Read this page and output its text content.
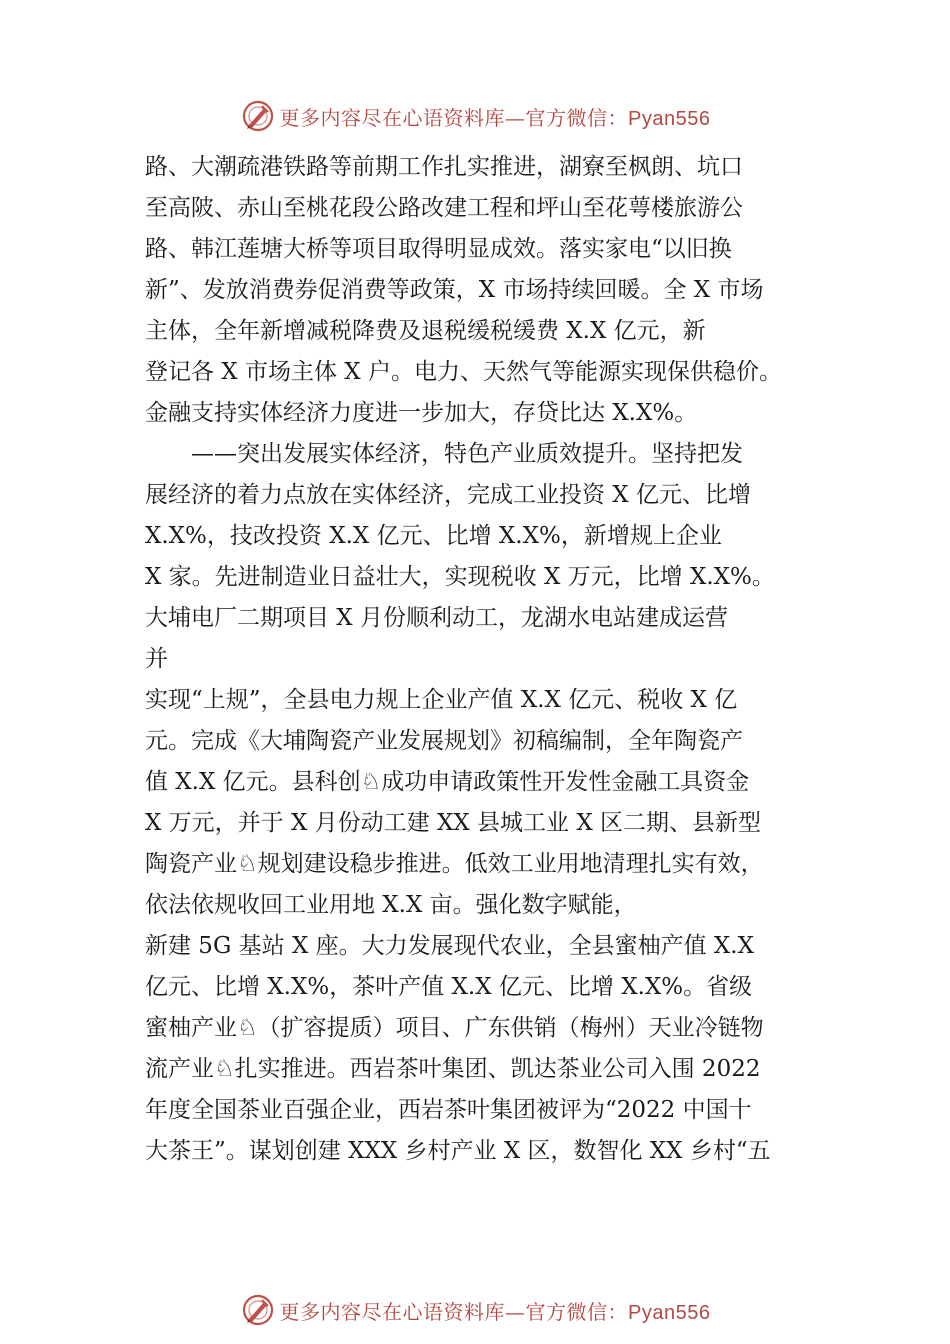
更多内容尽在心语资料库—官方微信：Pyan556
路、大潮疏港铁路等前期工作扎实推进，湖寮至枫朗、坑口
至高陂、赤山至桃花段公路改建工程和坪山至花萼楼旅游公
路、韩江莲塘大桥等项目取得明显成效。落实家电“以旧换
新”、发放消费券促消费等政策，X 市场持续回暖。全 X 市场
主体，全年新增减税降费及退税缓税缓费 X.X 亿元，新
登记各 X 市场主体 X 户。电力、天然气等能源实现保供稳价。
金融支持实体经济力度进一步加大，存贷比达 X.X%。
——突出发展实体经济，特色产业质效提升。坚持把发
展经济的着力点放在实体经济，完成工业投资 X 亿元、比增
X.X%，技改投资 X.X 亿元、比增 X.X%，新增规上企业
X 家。先进制造业日益壮大，实现税收 X 万元，比增 X.X%。
大埔电厂二期项目 X 月份顺利动工，龙湖水电站建成运营
并
实现“上规”，全县电力规上企业产值 X.X 亿元、税收 X 亿
元。完成《大埔陶瓷产业发展规划》初稿编制，全年陶瓷产
值 X.X 亿元。县科创♘成功申请政策性开发性金融工具资金
X 万元，并于 X 月份动工建 XX 县城工业 X 区二期、县新型
陶瓷产业♘规划建设稳步推进。低效工业用地清理扎实有效，
依法依规收回工业用地 X.X 亩。强化数字赋能，
新建 5G 基站 X 座。大力发展现代农业，全县蜜柚产值 X.X
亿元、比增 X.X%，茶叶产值 X.X 亿元、比增 X.X%。省级
蜜柚产业♘（扩容提质）项目、广东供销（梅州）天业冷链物
流产业♘扎实推进。西岩茶叶集团、凯达茶业公司入围 2022
年度全国茶业百强企业，西岩茶叶集团被评为“2022 中国十
大茶王”。谋划创建 XXX 乡村产业 X 区，数智化 XX 乡村“五
更多内容尽在心语资料库—官方微信：Pyan556
